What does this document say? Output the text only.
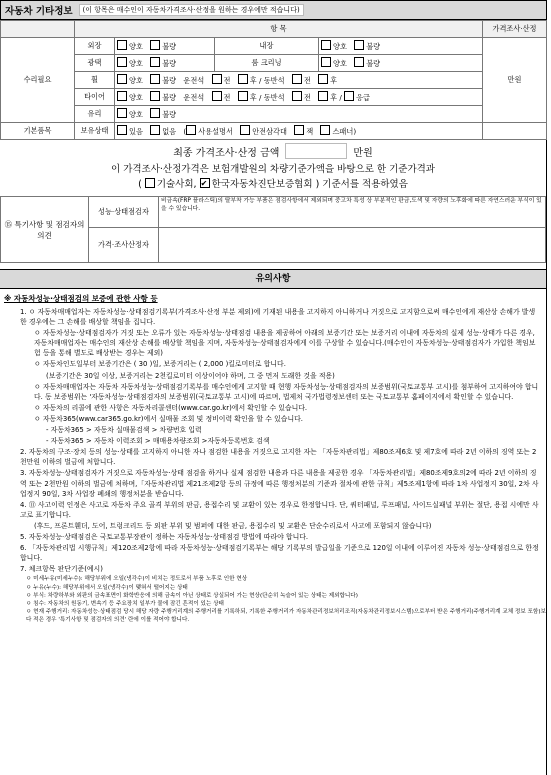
자동차 기타정보	(이 항목은 매수인이 자동차가격조사·산정을 원하는 경우에만 적습니다)
	항 목				가격조사·산정
수리필요	외장	양호 불량	내장	양호 불량	만원
	광택	양호 불량	룸 크리닝	양호 불량	
	휠	양호 불량 운전석 전 후 / 동반석 전 후			
	타이어	양호 불량 운전석 전 후 / 동반석 전 후 / 응급			
	유리	양호 불량			
기본품목	보유상태	있음 없음 ( 사용설명서 안전삼각대 잭 스패너)			
최종 가격조사·산정 금액	만원
이 가격조사·산정가격은 보험개발원의 차량기준가액을 바탕으로 한 기준가격과
( 기술사회, ✔ 한국자동차진단보증협회 ) 기준서를 적용하였음
⑮ 특기사항 및 점검자의 의견	성능·상태점검자	비금속(FRP 플라스틱)의 탈부착 가능 부품은 점검사항에서 제외되며 중고차 특성 상 부분적인 판금,도색 및 자량의 노후화에 따른 자연스러운 부식이 있을 수 있습니다.
	가격·조사산정자	
유의사항
※ 자동차성능·상태점검의 보증에 관한 사항 등
1. ㅇ 자동차매매업자는 자동차성능·상태점검기록부(가격조사·산정 부분 제외)에 기재된 내용을 고지하지 아니하거나 거짓으로 고지함으로써 매수인에게 재산상 손해가 발생한 경우에는 그 손해를 배상할 책임을 집니다.
ㅇ 자동차성능·상태점검자가 거짓 또는 오류가 있는 자동차성능·상태점검 내용을 제공하여 아래의 보증기간 또는 보증거리 이내에 자동차의 실제 성능·상태가 다른 경우, 자동차매매업자는 매수인의 재산상 손해를 배상할 책임을 지며, 자동차성능·상태점검자에게 이를 구상할 수 있습니다.(매수인이 자동차성능·상태점검자가 가입한 책임보험 등을 통해 별도로 배상받는 경우는 제외)
ㅇ 자동차인도일부터 보증기간은 ( 30 )일, 보증거리는 ( 2,000 )킬로미터로 합니다.
(보증기간은 30일 이상, 보증거리는 2천킬로미터 이상이어야 하며, 그 중 먼저 도래한 것을 적용)
ㅇ 자동차매매업자는 자동차 자동차성능·상태점검기록부를 매수인에게 고지할 때 현행 자동차성능·상태점검자의 보증범위(국토교통부 고시)를 첨부하여 고지하여야 합니다. 동 보증범위는 '자동차성능·상태점검자의 보증범위(국토교통부 고시)에 따르며, 법제처 국가법령정보센터 또는 국토교통부 홈페이지에서 확인할 수 있습니다.
ㅇ 자동차의 리콜에 관한 사항은 자동차리콜센터(www.car.go.kr)에서 확인할 수 있습니다.
ㅇ 자동차365(www.car365.go.kr)에서 실매물 조회 및 정비이력 확인을 할 수 있습니다.
- 자동차365 > 자동차 실매물검색 > 차량번호 입력
- 자동차365 > 자동차 이력조회 > 매매용차량조회 >자동차등록번호 검색
2. 자동차의 구조·장치 등의 성능·상태를 고지하지 아니한 자나 점검한 내용을 거짓으로 고지한 자는 「자동차관리법」제80조제6호 및 제7호에 따라 2년 이하의 징역 또는 2천만원 이하의 벌금에 처합니다.
3. 자동차성능·상태점검자가 거짓으로 자동차성능·상태 점검을 하거나 실제 점검한 내용과 다른 내용을 제공한 경우 「자동차관리법」제80조제9호의2에 따라 2년 이하의 징역 또는 2천만원 이하의 벌금에 처하며,「자동차관리법 제21조제2항 등의 규정에 따른 행정처분의 기준과 절차에 관한 규칙」제5조제1항에 따라 1차 사업정지 30일, 2차 사업정지 90일, 3차 사업장 폐쇄의 행정처분을 받습니다.
4. ⑪ 사고이력 인정은 사고로 자동차 주요 골격 부위의 판금, 용접수리 및 교환이 있는 경우로 한정합니다. 단, 쿼터패널, 루프패널, 사이드실패널 부위는 절단, 용접 시에만 사고로 표기합니다.
(후드, 프론트휀더, 도어, 트렁크리드 등 외판 부위 및 범퍼에 대한 판금, 용접수리 및 교환은 단순수리로서 사고에 포함되지 않습니다)
5. 자동차성능·상태점검은 국토교통부장관이 정하는 자동차성능·상태점검 방법에 따라야 합니다.
6. 「자동차관리법 시행규칙」제120조제2항에 따라 자동차성능·상태점검기록부는 해당 기록부의 발급일을 기준으로 120일 이내에 이루어진 자동차 성능·상태점검으로 한정합니다.
7. 체크항목 판단기준(예시)
ㅇ 미세누유(미세누수): 해당부위에 오일(냉각수)이 비치는 정도로서 부품 노후로 인한 현상
ㅇ 누유(누수): 해당부위에서 오일(냉각수)이 맺혀서 떨어지는 상태
ㅇ 부식: 차량하부와 외판의 금속표면이 화학반응에 의해 금속이 아닌 상태로 상실되어 가는 현상(단순히 녹슬어 있는 상태는 제외합니다)
ㅇ 침수: 자동차의 원동기, 변속기 등 주요장치 일부가 물에 잠긴 흔적이 있는 상태
ㅇ 현재 주행거리: 자동차성능·상태점검 당시 해당 자량 주행거리계의 주행거리를 기록하되, 기록한 주행거리가 자동차관리정보처리조직(자동차관리정보시스템)으로부터 받은 주행거리(주행거리계 교체 정보 포함)보다 적은 경우 '특기사항 및 점검자의 의견' 란에 이를 적어야 합니다.
